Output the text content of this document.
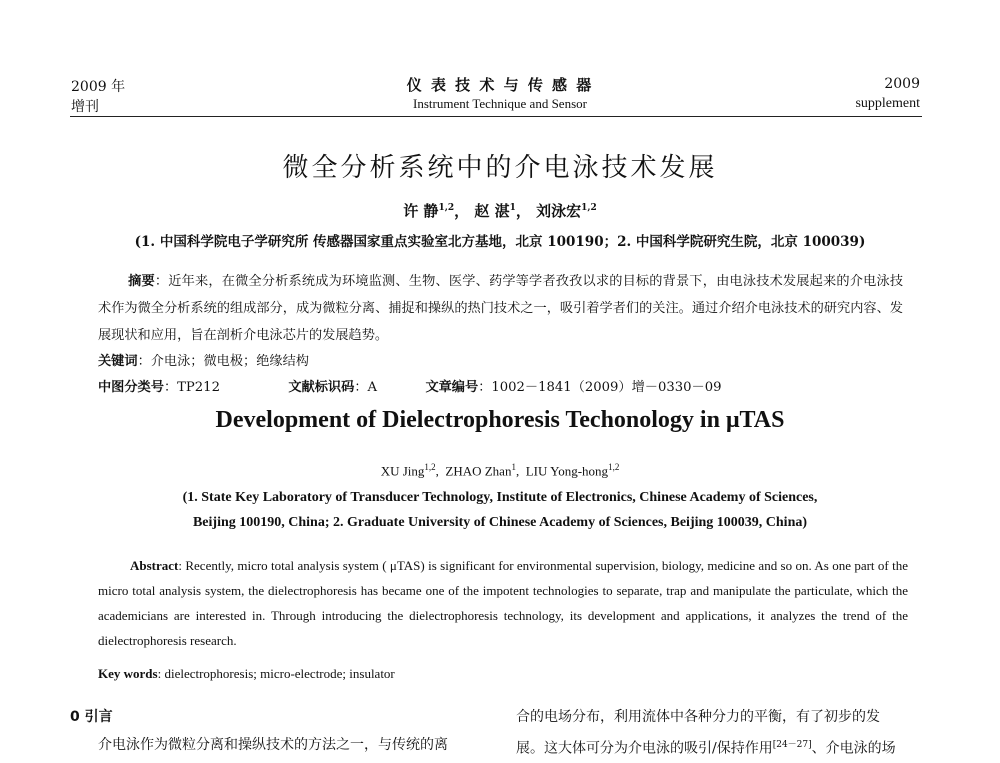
2009 年
增刊
仪 表 技 术 与 传 感 器
Instrument Technique and Sensor
2009
supplement
微全分析系统中的介电泳技术发展
许 静$^{1,2}$， 赵 湛$^1$， 刘泳宏$^{1,2}$
(1. 中国科学院电子学研究所 传感器国家重点实验室北方基地，北京 100190；2. 中国科学院研究生院，北京 100039)
摘要：近年来，在微全分析系统成为环境监测、生物、医学、药学等学者孜孜以求的目标的背景下，由电泳技术发展起来的介电泳技术作为微全分析系统的组成部分，成为微粒分离、捕捉和操纵的热门技术之一，吸引着学者们的关注。通过介绍介电泳技术的研究内容、发展现状和应用，旨在剖析介电泳芯片的发展趋势。
关键词：介电泳；微电极；绝缘结构
中图分类号：TP212	文献标识码：A	文章编号：1002－1841（2009）增－0330－09
Development of Dielectrophoresis Techonology in μTAS
XU Jing$^{1,2}$,  ZHAO Zhan$^1$,  LIU Yong-hong$^{1,2}$
(1. State Key Laboratory of Transducer Technology, Institute of Electronics, Chinese Academy of Sciences,
Beijing 100190, China; 2. Graduate University of Chinese Academy of Sciences, Beijing 100039, China)
Abstract: Recently, micro total analysis system ( μTAS) is significant for environmental supervision, biology, medicine and so on. As one part of the micro total analysis system, the dielectrophoresis has became one of the impotent technologies to separate, trap and manipulate the particulate, which the academicians are interested in. Through introducing the dielectrophoresis technology, its development and applications, it analyzes the trend of the dielectrophoresis research.
Key words: dielectrophoresis; micro-electrode; insulator
0 引言
介电泳作为微粒分离和操纵技术的方法之一，与传统的离
合的电场分布，利用流体中各种分力的平衡，有了初步的发
展。这大体可分为介电泳的吸引/保持作用[24－27]、介电泳的场
